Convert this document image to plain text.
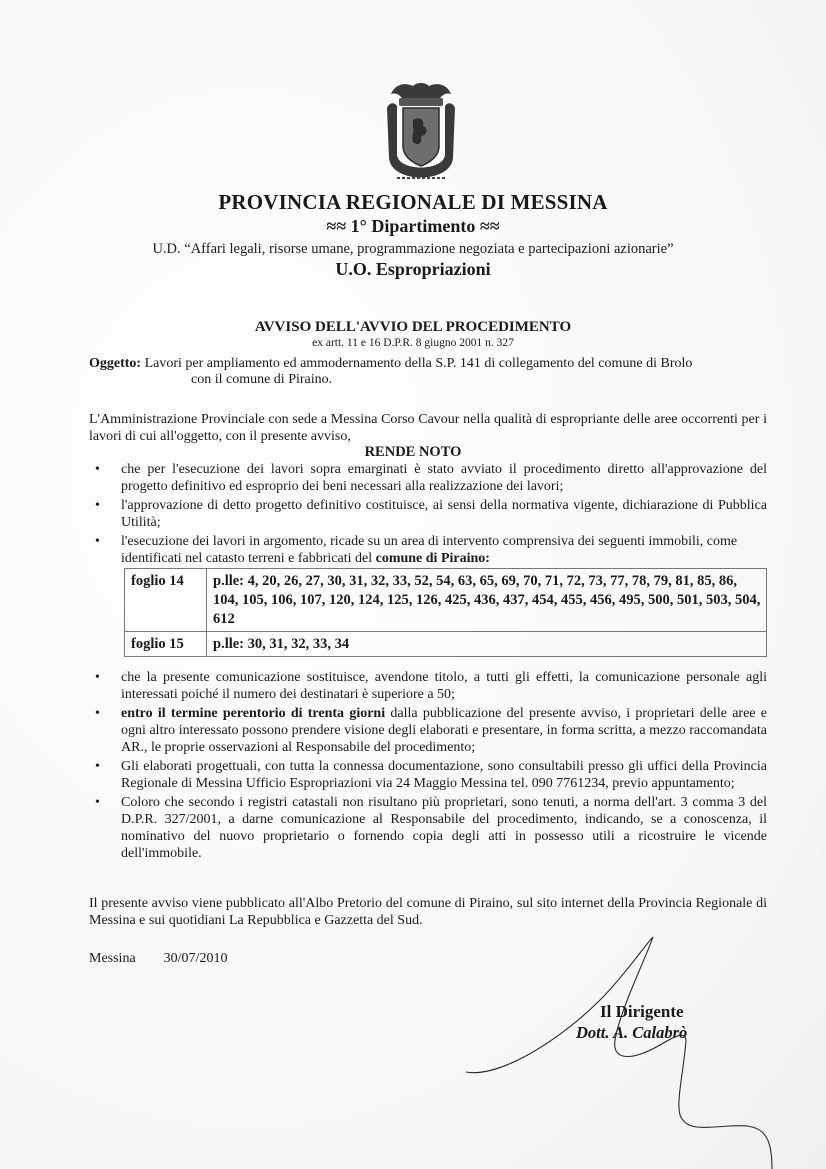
PROVINCIA REGIONALE DI MESSINA
≈≈ 1° Dipartimento ≈≈
U.D. “Affari legali, risorse umane, programmazione negoziata e partecipazioni azionarie”
U.O. Espropriazioni
AVVISO DELL'AVVIO DEL PROCEDIMENTO
ex artt. 11 e 16 D.P.R. 8 giugno 2001 n. 327
Oggetto: Lavori per ampliamento ed ammodernamento della S.P. 141 di collegamento del comune di Brolo
con il comune di Piraino.
L'Amministrazione Provinciale con sede a Messina Corso Cavour nella qualità di espropriante delle aree occorrenti per i lavori di cui all'oggetto, con il presente avviso,
RENDE NOTO
• che per l'esecuzione dei lavori sopra emarginati è stato avviato il procedimento diretto all'approvazione del progetto definitivo ed esproprio dei beni necessari alla realizzazione dei lavori;
• l'approvazione di detto progetto definitivo costituisce, ai sensi della normativa vigente, dichiarazione di Pubblica Utilità;
• l'esecuzione dei lavori in argomento, ricade su un area di intervento comprensiva dei seguenti immobili, come identificati nel catasto terreni e fabbricati del comune di Piraino:
foglio 14	p.lle: 4, 20, 26, 27, 30, 31, 32, 33, 52, 54, 63, 65, 69, 70, 71, 72, 73, 77, 78, 79, 81, 85, 86, 104, 105, 106, 107, 120, 124, 125, 126, 425, 436, 437, 454, 455, 456, 495, 500, 501, 503, 504, 612
foglio 15	p.lle: 30, 31, 32, 33, 34
• che la presente comunicazione sostituisce, avendone titolo, a tutti gli effetti, la comunicazione personale agli interessati poiché il numero dei destinatari è superiore a 50;
• entro il termine perentorio di trenta giorni dalla pubblicazione del presente avviso, i proprietari delle aree e ogni altro interessato possono prendere visione degli elaborati e presentare, in forma scritta, a mezzo raccomandata AR., le proprie osservazioni al Responsabile del procedimento;
• Gli elaborati progettuali, con tutta la connessa documentazione, sono consultabili presso gli uffici della Provincia Regionale di Messina Ufficio Espropriazioni via 24 Maggio Messina tel. 090 7761234, previo appuntamento;
• Coloro che secondo i registri catastali non risultano più proprietari, sono tenuti, a norma dell'art. 3 comma 3 del D.P.R. 327/2001, a darne comunicazione al Responsabile del procedimento, indicando, se a conoscenza, il nominativo del nuovo proprietario o fornendo copia degli atti in possesso utili a ricostruire le vicende dell'immobile.
Il presente avviso viene pubblicato all'Albo Pretorio del comune di Piraino, sul sito internet della Provincia Regionale di Messina e sui quotidiani La Repubblica e Gazzetta del Sud.
Messina 30/07/2010
Il Dirigente
Dott. A. Calabrò
